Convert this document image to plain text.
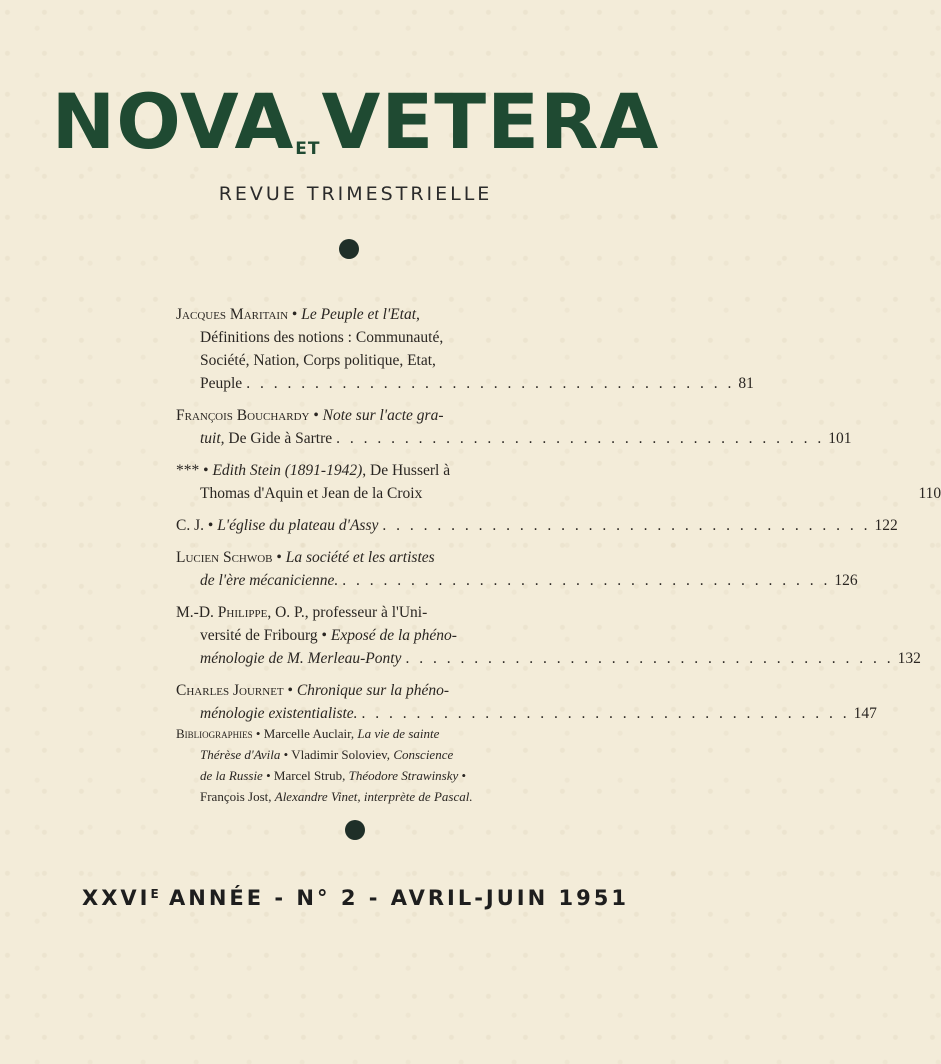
NOVAETVETERA
REVUE TRIMESTRIELLE
Jacques Maritain • Le Peuple et l'Etat,
Définitions des notions : Communauté,
Société, Nation, Corps politique, Etat,
Peuple . . .	81
François Bouchardy • Note sur l'acte gra-
tuit, De Gide à Sartre . . .	101
*** • Edith Stein (1891-1942), De Husserl à
Thomas d'Aquin et Jean de la Croix	110
C. J. • L'église du plateau d'Assy . . .	122
Lucien Schwob • La société et les artistes
de l'ère mécanicienne. . . .	126
M.-D. Philippe, O. P., professeur à l'Uni-
versité de Fribourg • Exposé de la phéno-
ménologie de M. Merleau-Ponty . . .	132
Charles Journet • Chronique sur la phéno-
ménologie existentialiste. . . .	147
Bibliographies • Marcelle Auclair, La vie de sainte
Thérèse d'Avila • Vladimir Soloviev, Conscience
de la Russie • Marcel Strub, Théodore Strawinsky •
François Jost, Alexandre Vinet, interprète de Pascal.
$XXVI^E$ ANNÉE - N° 2 - AVRIL-JUIN 1951
